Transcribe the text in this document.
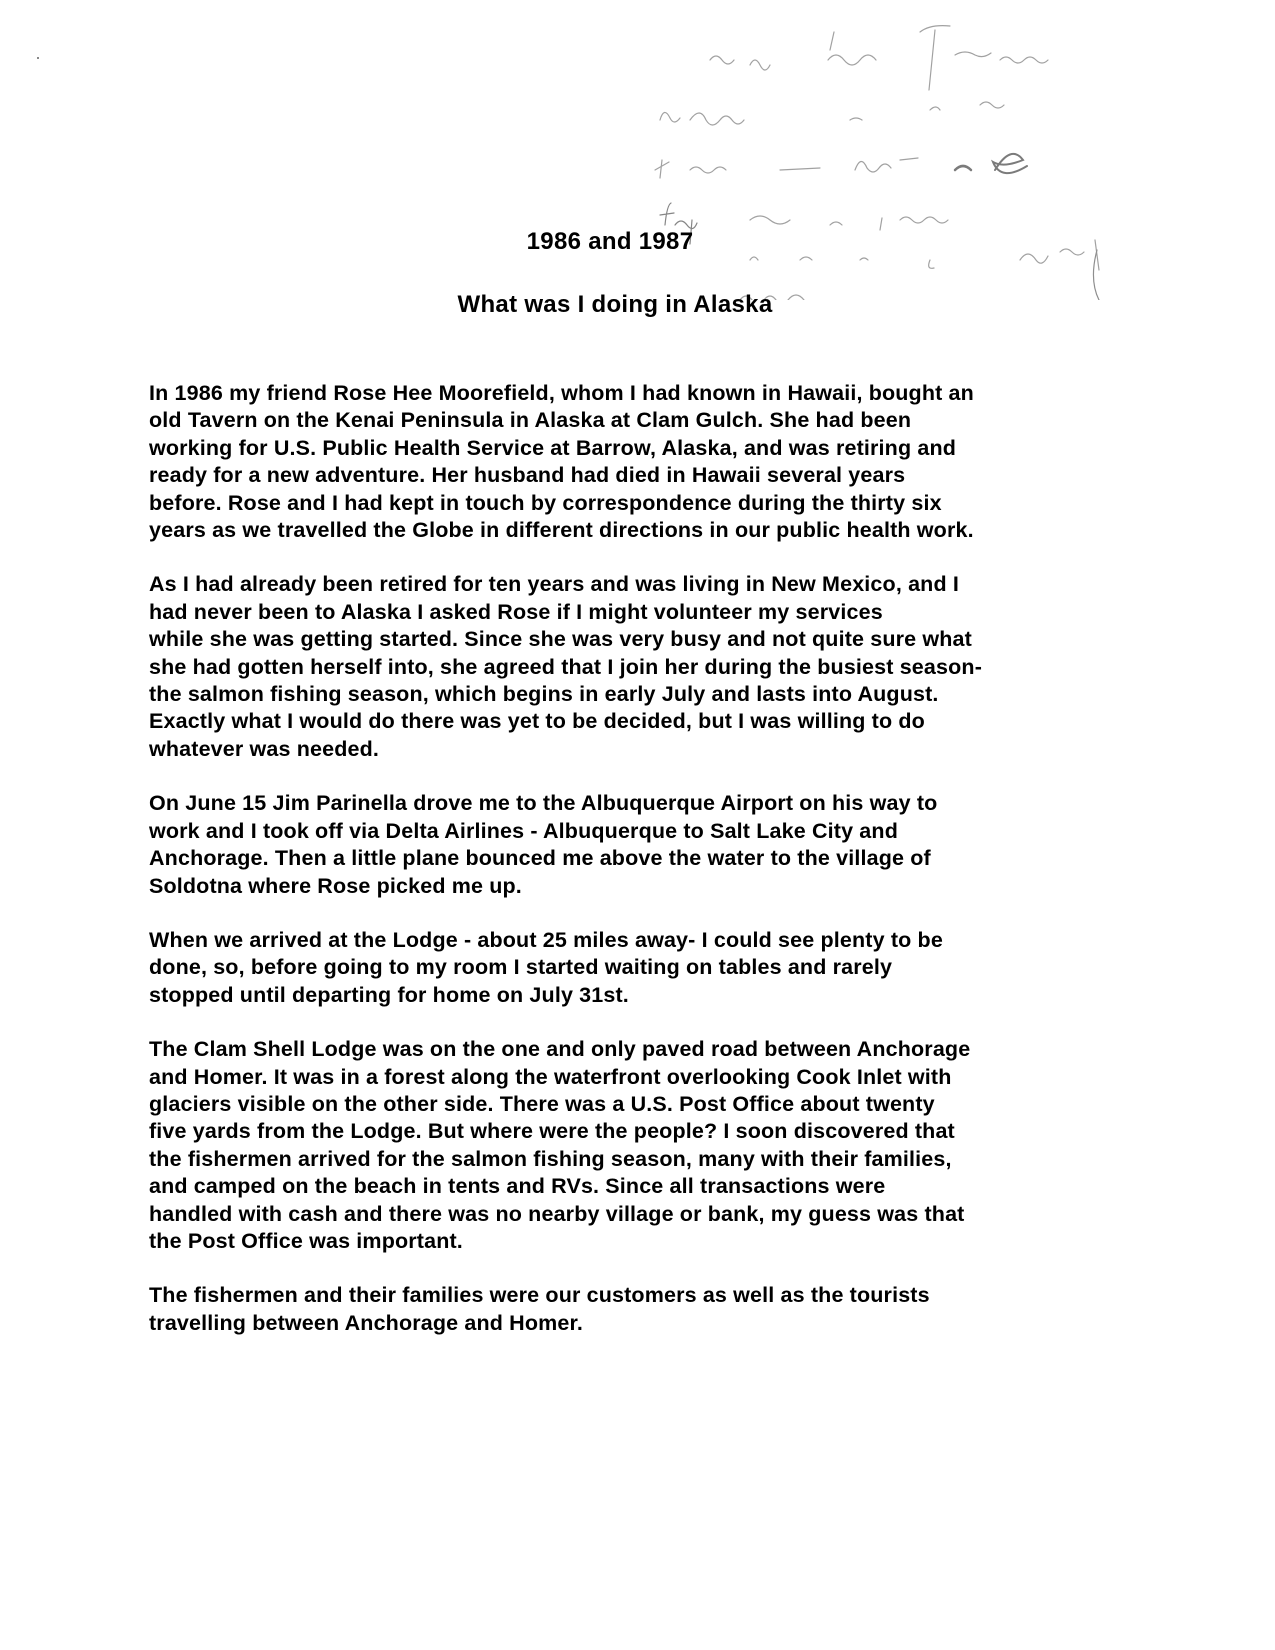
1986 and 1987
What was I doing in Alaska

In 1986 my friend Rose Hee Moorefield, whom I had known in Hawaii, bought an
old Tavern on the Kenai Peninsula in Alaska at Clam Gulch. She had been
working for U.S. Public Health Service at Barrow, Alaska, and was retiring and
ready for a new adventure. Her husband had died in Hawaii several years
before. Rose and I had kept in touch by correspondence during the thirty six
years as we travelled the Globe in different directions in our public health work.

As I had already been retired for ten years and was living in New Mexico, and I
had never been to Alaska I asked Rose if I might volunteer my services
while she was getting started. Since she was very busy and not quite sure what
she had gotten herself into, she agreed that I join her during the busiest season-
the salmon fishing season, which begins in early July and lasts into August.
Exactly what I would do there was yet to be decided, but I was willing to do
whatever was needed.

On June 15 Jim Parinella drove me to the Albuquerque Airport on his way to
work and I took off via Delta Airlines - Albuquerque to Salt Lake City and
Anchorage. Then a little plane bounced me above the water to the village of
Soldotna where Rose picked me up.

When we arrived at the Lodge - about 25 miles away- I could see plenty to be
done, so, before going to my room I started waiting on tables and rarely
stopped until departing for home on July 31st.

The Clam Shell Lodge was on the one and only paved road between Anchorage
and Homer. It was in a forest along the waterfront overlooking Cook Inlet with
glaciers visible on the other side. There was a U.S. Post Office about twenty
five yards from the Lodge. But where were the people? I soon discovered that
the fishermen arrived for the salmon fishing season, many with their families,
and camped on the beach in tents and RVs. Since all transactions were
handled with cash and there was no nearby village or bank, my guess was that
the Post Office was important.

The fishermen and their families were our customers as well as the tourists
travelling between Anchorage and Homer.
